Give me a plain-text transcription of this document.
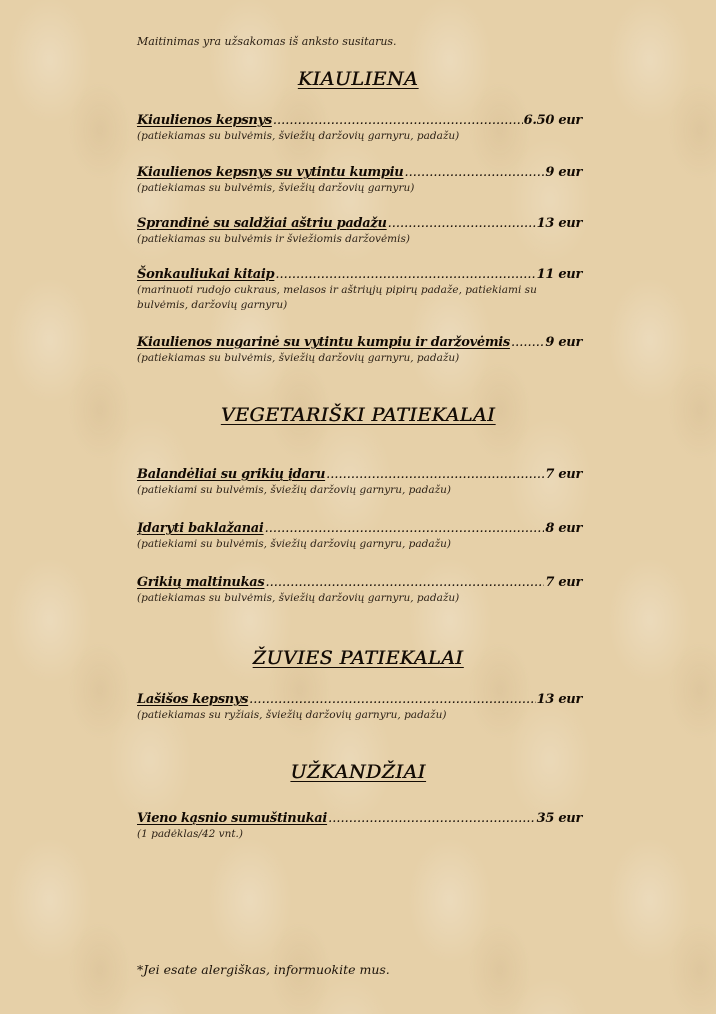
Maitinimas yra užsakomas iš anksto susitarus.
KIAULIENA
Kiaulienos kepsnys .....	6.50 eur
(patiekiamas su bulvėmis, šviežių daržovių garnyru, padažu)
Kiaulienos kepsnys su vytintu kumpiu .....	9 eur
(patiekiamas su bulvėmis, šviežių daržovių garnyru)
Sprandinė su saldžiai aštriu padažu .....	13 eur
(patiekiamas su bulvėmis ir šviežiomis daržovėmis)
Šonkauliukai kitaip .....	11 eur
(marinuoti rudojo cukraus, melasos ir aštriųjų pipirų padaže, patiekiami su bulvėmis, daržovių garnyru)
Kiaulienos nugarinė su vytintu kumpiu ir daržovėmis .....	9 eur
(patiekiamas su bulvėmis, šviežių daržovių garnyru, padažu)
VEGETARIŠKI PATIEKALAI
Balandėliai su grikių įdaru .....	7 eur
(patiekiami su bulvėmis, šviežių daržovių garnyru, padažu)
Įdaryti baklažanai .....	8 eur
(patiekiami su bulvėmis, šviežių daržovių garnyru, padažu)
Grikių maltinukas .....	7 eur
(patiekiamas su bulvėmis, šviežių daržovių garnyru, padažu)
ŽUVIES PATIEKALAI
Lašišos kepsnys .....	13 eur
(patiekiamas su ryžiais, šviežių daržovių garnyru, padažu)
UŽKANDŽIAI
Vieno kąsnio sumuštinukai .....	35 eur
(1 padėklas/42 vnt.)
*Jei esate alergiškas, informuokite mus.
